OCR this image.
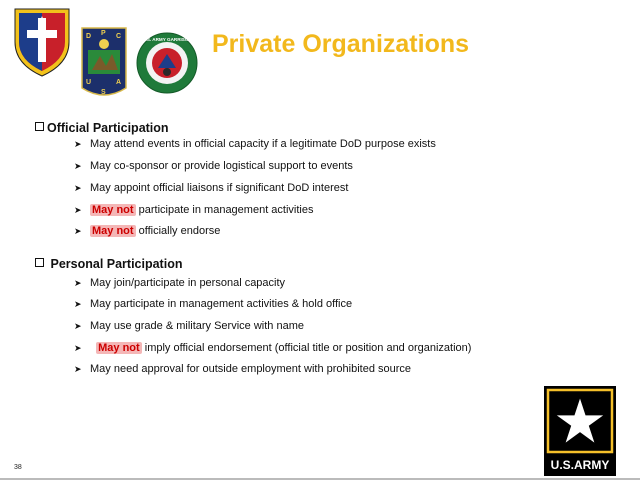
D P C
U
S
A
U.S. ARMY GARRISON Private Organizations
Official Participation
➤ May attend events in official capacity if a legitimate DoD purpose exists
➤ May co-sponsor or provide logistical support to events
➤ May appoint official liaisons if significant DoD interest
➤ May not participate in management activities
➤ May not officially endorse
Personal Participation
➤ May join/participate in personal capacity
➤ May participate in management activities & hold office
➤ May use grade & military Service with name
➤ May not imply official endorsement (official title or position and organization)
➤ May need approval for outside employment with prohibited source
U.S.ARMY
38
